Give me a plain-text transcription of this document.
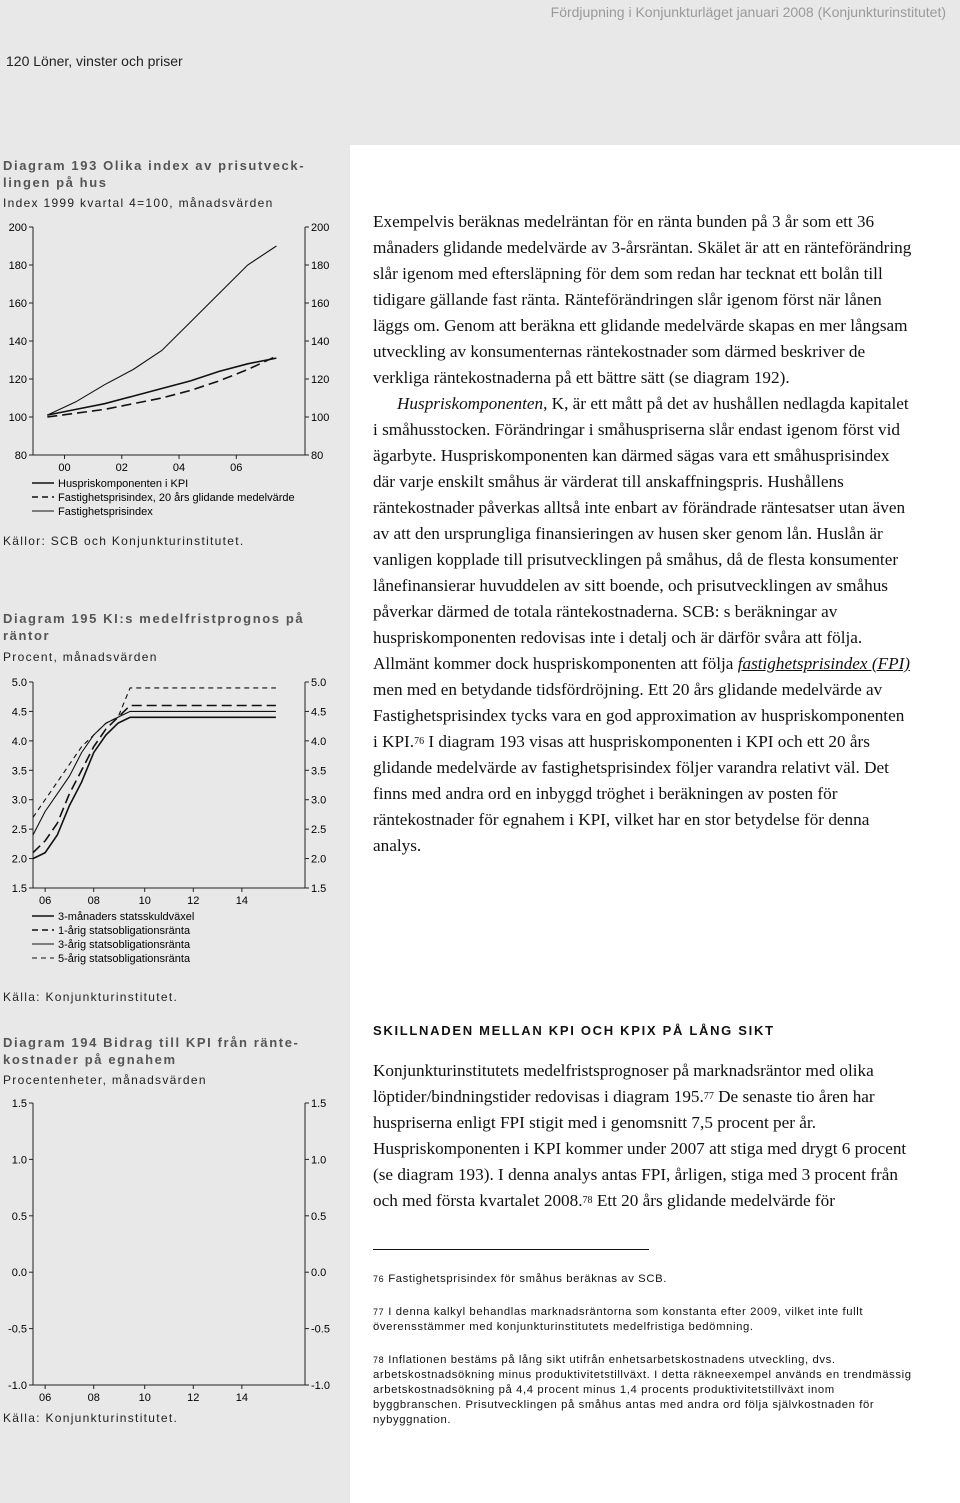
Fördjupning i Konjunkturläget januari 2008 (Konjunkturinstitutet)
120 Löner, vinster och priser
Diagram 193 Olika index av prisutveck-
lingen på hus
Index 1999 kvartal 4=100, månadsvärden
200	200
180	180
160	160
140	140
120	120
100	100
80	80
00	02	04	06
Huspriskomponenten i KPI
Fastighetsprisindex, 20 års glidande medelvärde
Fastighetsprisindex
Källor: SCB och Konjunkturinstitutet.
Diagram 195 KI:s medelfristprognos på
räntor
Procent, månadsvärden
5.0	5.0
4.5	4.5
4.0	4.0
3.5	3.5
3.0	3.0
2.5	2.5
2.0	2.0
1.5	1.5
06	08	10	12	14
3-månaders statsskuldväxel
1-årig statsobligationsränta
3-årig statsobligationsränta
5-årig statsobligationsränta
Källa: Konjunkturinstitutet.
Diagram 194 Bidrag till KPI från ränte-
kostnader på egnahem
Procentenheter, månadsvärden
1.5	1.5
1.0	1.0
0.5	0.5
0.0	0.0
-0.5	-0.5
-1.0	-1.0
06	08	10	12	14
Källa: Konjunkturinstitutet.

Exempelvis beräknas medelräntan för en ränta bunden på 3 år som ett 36 månaders glidande medelvärde av 3-årsräntan. Skälet är att en ränteförändring slår igenom med eftersläpning för dem som redan har tecknat ett bolån till tidigare gällande fast ränta. Ränteförändringen slår igenom först när lånen läggs om. Genom att beräkna ett glidande medelvärde skapas en mer långsam utveckling av konsumenternas räntekostnader som därmed beskriver de verkliga räntekostnaderna på ett bättre sätt (se diagram 192).

Huspriskomponenten, K, är ett mått på det av hushållen nedlagda kapitalet i småhusstocken. Förändringar i småhuspriserna slår endast igenom först vid ägarbyte. Huspriskomponenten kan därmed sägas vara ett småhusprisindex där varje enskilt småhus är värderat till anskaffningspris. Hushållens räntekostnader påverkas alltså inte enbart av förändrade räntesatser utan även av att den ursprungliga finansieringen av husen sker genom lån. Huslån är vanligen kopplade till prisutvecklingen på småhus, då de flesta konsumenter lånefinansierar huvuddelen av sitt boende, och prisutvecklingen av småhus påverkar därmed de totala räntekostnaderna. SCB: s beräkningar av huspriskomponenten redovisas inte i detalj och är därför svåra att följa. Allmänt kommer dock huspriskomponenten att följa fastighetsprisindex (FPI) men med en betydande tidsfördröjning. Ett 20 års glidande medelvärde av Fastighetsprisindex tycks vara en god approximation av huspriskomponenten i KPI.$^{76}$ I diagram 193 visas att huspriskomponenten i KPI och ett 20 års glidande medelvärde av fastighetsprisindex följer varandra relativt väl. Det finns med andra ord en inbyggd tröghet i beräkningen av posten för räntekostnader för egnahem i KPI, vilket har en stor betydelse för denna analys.

SKILLNADEN MELLAN KPI OCH KPIX PÅ LÅNG SIKT

Konjunkturinstitutets medelfristsprognoser på marknadsräntor med olika löptider/bindningstider redovisas i diagram 195.77 De senaste tio åren har huspriserna enligt FPI stigit med i genomsnitt 7,5 procent per år. Huspriskomponenten i KPI kommer under 2007 att stiga med drygt 6 procent (se diagram 193). I denna analys antas FPI, årligen, stiga med 3 procent från och med första kvartalet 2008.78 Ett 20 års glidande medelvärde för

$^{76}$ Fastighetsprisindex för småhus beräknas av SCB.
$^{77}$ I denna kalkyl behandlas marknadsräntorna som konstanta efter 2009, vilket inte fullt överensstämmer med konjunkturinstitutets medelfristiga bedömning.
$^{78}$ Inflationen bestäms på lång sikt utifrån enhetsarbetskostnadens utveckling, dvs. arbetskostnadsökning minus produktivitetstillväxt. I detta räkneexempel används en trendmässig arbetskostnadsökning på 4,4 procent minus 1,4 procents produktivitetstillväxt inom byggbranschen. Prisutvecklingen på småhus antas med andra ord följa självkostnaden för nybyggnation.
